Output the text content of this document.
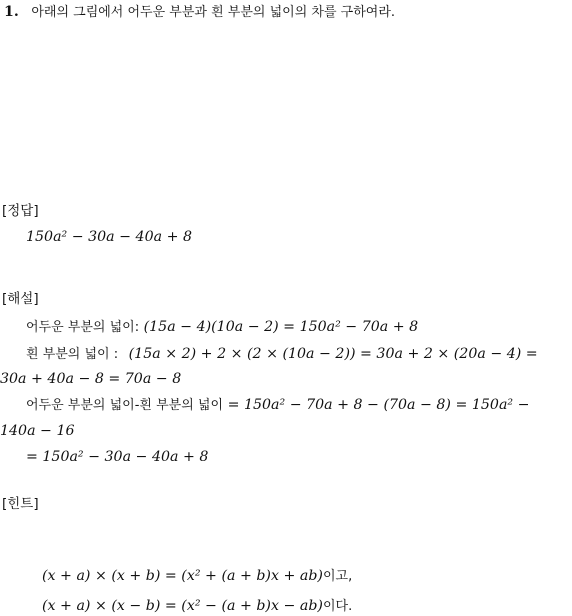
1. 아래의 그림에서 어두운 부분과 흰 부분의 넓이의 차를 구하여라.
[정답]
150a² − 30a − 40a + 8
[해설]
어두운 부분의 넓이: (15a − 4)(10a − 2) = 150a² − 70a + 8
흰 부분의 넓이 : (15a × 2) + 2 × (2 × (10a − 2)) = 30a + 2 × (20a − 4) =
30a + 40a − 8 = 70a − 8
어두운 부분의 넓이-흰 부분의 넓이 = 150a² − 70a + 8 − (70a − 8) = 150a² −
140a − 16
= 150a² − 30a − 40a + 8
[힌트]
(x + a) × (x + b) = (x² + (a + b)x + ab)이고,
(x + a) × (x − b) = (x² − (a + b)x − ab)이다.
